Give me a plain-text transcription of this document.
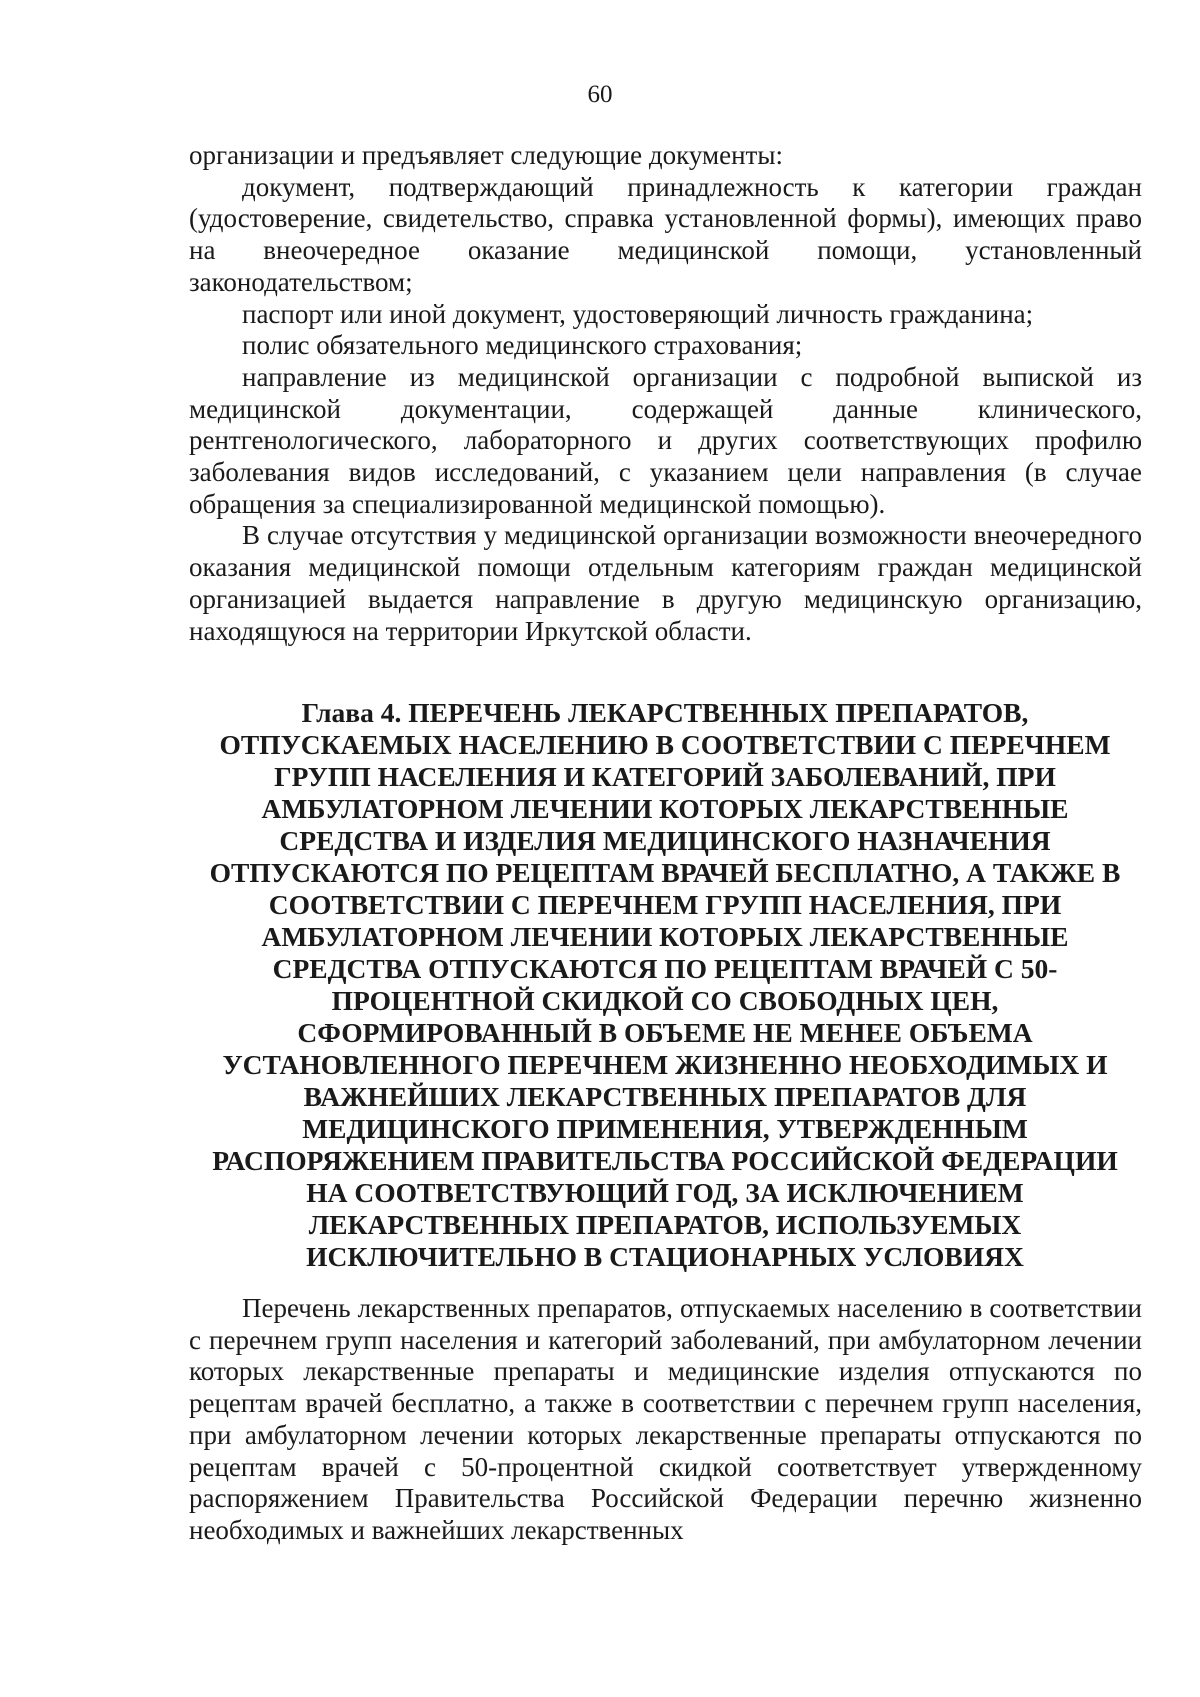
60

организации и предъявляет следующие документы:

документ, подтверждающий принадлежность к категории граждан (удостоверение, свидетельство, справка установленной формы), имеющих право на внеочередное оказание медицинской помощи, установленный законодательством;

паспорт или иной документ, удостоверяющий личность гражданина;

полис обязательного медицинского страхования;

направление из медицинской организации с подробной выпиской из медицинской документации, содержащей данные клинического, рентгенологического, лабораторного и других соответствующих профилю заболевания видов исследований, с указанием цели направления (в случае обращения за специализированной медицинской помощью).

В случае отсутствия у медицинской организации возможности внеочередного оказания медицинской помощи отдельным категориям граждан медицинской организацией выдается направление в другую медицинскую организацию, находящуюся на территории Иркутской области.

Глава 4. ПЕРЕЧЕНЬ ЛЕКАРСТВЕННЫХ ПРЕПАРАТОВ,
ОТПУСКАЕМЫХ НАСЕЛЕНИЮ В СООТВЕТСТВИИ С ПЕРЕЧНЕМ
ГРУПП НАСЕЛЕНИЯ И КАТЕГОРИЙ ЗАБОЛЕВАНИЙ, ПРИ
АМБУЛАТОРНОМ ЛЕЧЕНИИ КОТОРЫХ ЛЕКАРСТВЕННЫЕ
СРЕДСТВА И ИЗДЕЛИЯ МЕДИЦИНСКОГО НАЗНАЧЕНИЯ
ОТПУСКАЮТСЯ ПО РЕЦЕПТАМ ВРАЧЕЙ БЕСПЛАТНО, А ТАКЖЕ В
СООТВЕТСТВИИ С ПЕРЕЧНЕМ ГРУПП НАСЕЛЕНИЯ, ПРИ
АМБУЛАТОРНОМ ЛЕЧЕНИИ КОТОРЫХ ЛЕКАРСТВЕННЫЕ
СРЕДСТВА ОТПУСКАЮТСЯ ПО РЕЦЕПТАМ ВРАЧЕЙ С 50-
ПРОЦЕНТНОЙ СКИДКОЙ СО СВОБОДНЫХ ЦЕН,
СФОРМИРОВАННЫЙ В ОБЪЕМЕ НЕ МЕНЕЕ ОБЪЕМА
УСТАНОВЛЕННОГО ПЕРЕЧНЕМ ЖИЗНЕННО НЕОБХОДИМЫХ И
ВАЖНЕЙШИХ ЛЕКАРСТВЕННЫХ ПРЕПАРАТОВ ДЛЯ
МЕДИЦИНСКОГО ПРИМЕНЕНИЯ, УТВЕРЖДЕННЫМ
РАСПОРЯЖЕНИЕМ ПРАВИТЕЛЬСТВА РОССИЙСКОЙ ФЕДЕРАЦИИ
НА СООТВЕТСТВУЮЩИЙ ГОД, ЗА ИСКЛЮЧЕНИЕМ
ЛЕКАРСТВЕННЫХ ПРЕПАРАТОВ, ИСПОЛЬЗУЕМЫХ
ИСКЛЮЧИТЕЛЬНО В СТАЦИОНАРНЫХ УСЛОВИЯХ

Перечень лекарственных препаратов, отпускаемых населению в соответствии с перечнем групп населения и категорий заболеваний, при амбулаторном лечении которых лекарственные препараты и медицинские изделия отпускаются по рецептам врачей бесплатно, а также в соответствии с перечнем групп населения, при амбулаторном лечении которых лекарственные препараты отпускаются по рецептам врачей с 50-процентной скидкой соответствует утвержденному распоряжением Правительства Российской Федерации перечню жизненно необходимых и важнейших лекарственных
